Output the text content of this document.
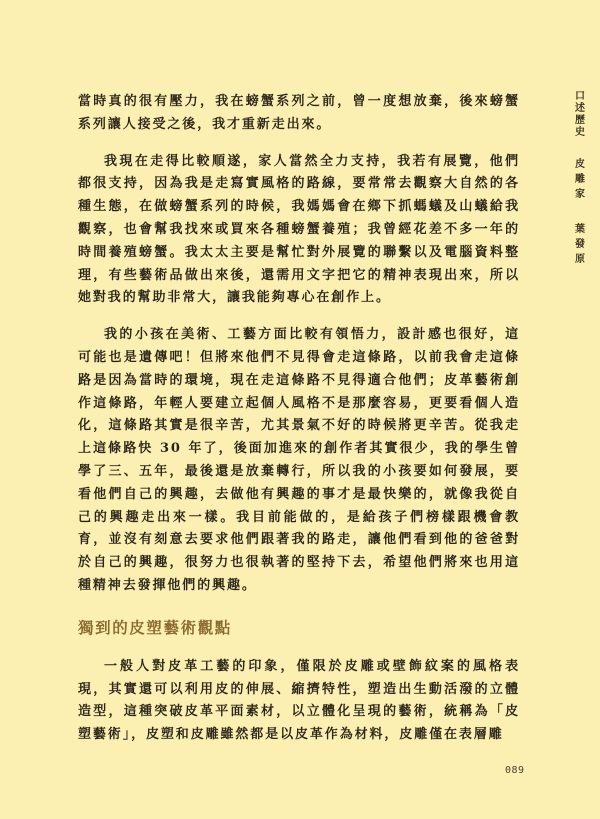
當時真的很有壓力，我在螃蟹系列之前，曾一度想放棄，後來螃蟹系列讓人接受之後，我才重新走出來。

我現在走得比較順遂，家人當然全力支持，我若有展覽，他們都很支持，因為我是走寫實風格的路線，要常常去觀察大自然的各種生態，在做螃蟹系列的時候，我媽媽會在鄉下抓螞蟻及山蟻給我觀察，也會幫我找來或買來各種螃蟹養殖；我曾經花差不多一年的時間養殖螃蟹。我太太主要是幫忙對外展覽的聯繫以及電腦資料整理，有些藝術品做出來後，還需用文字把它的精神表現出來，所以她對我的幫助非常大，讓我能夠專心在創作上。

我的小孩在美術、工藝方面比較有領悟力，設計感也很好，這可能也是遺傳吧！但將來他們不見得會走這條路，以前我會走這條路是因為當時的環境，現在走這條路不見得適合他們；皮革藝術創作這條路，年輕人要建立起個人風格不是那麼容易，更要看個人造化，這條路其實是很辛苦，尤其景氣不好的時候將更辛苦。從我走上這條路快 30 年了，後面加進來的創作者其實很少，我的學生曾學了三、五年，最後還是放棄轉行，所以我的小孩要如何發展，要看他們自己的興趣，去做他有興趣的事才是最快樂的，就像我從自己的興趣走出來一樣。我目前能做的，是給孩子們榜樣跟機會教育，並沒有刻意去要求他們跟著我的路走，讓他們看到他的爸爸對於自己的興趣，很努力也很執著的堅持下去，希望他們將來也用這種精神去發揮他們的興趣。

獨到的皮塑藝術觀點

一般人對皮革工藝的印象，僅限於皮雕或壁飾紋案的風格表現，其實還可以利用皮的伸展、縮擠特性，塑造出生動活潑的立體造型，這種突破皮革平面素材，以立體化呈現的藝術，統稱為「皮塑藝術」，皮塑和皮雕雖然都是以皮革作為材料，皮雕僅在表層雕

口述歷史
皮雕家
葉發原
089
